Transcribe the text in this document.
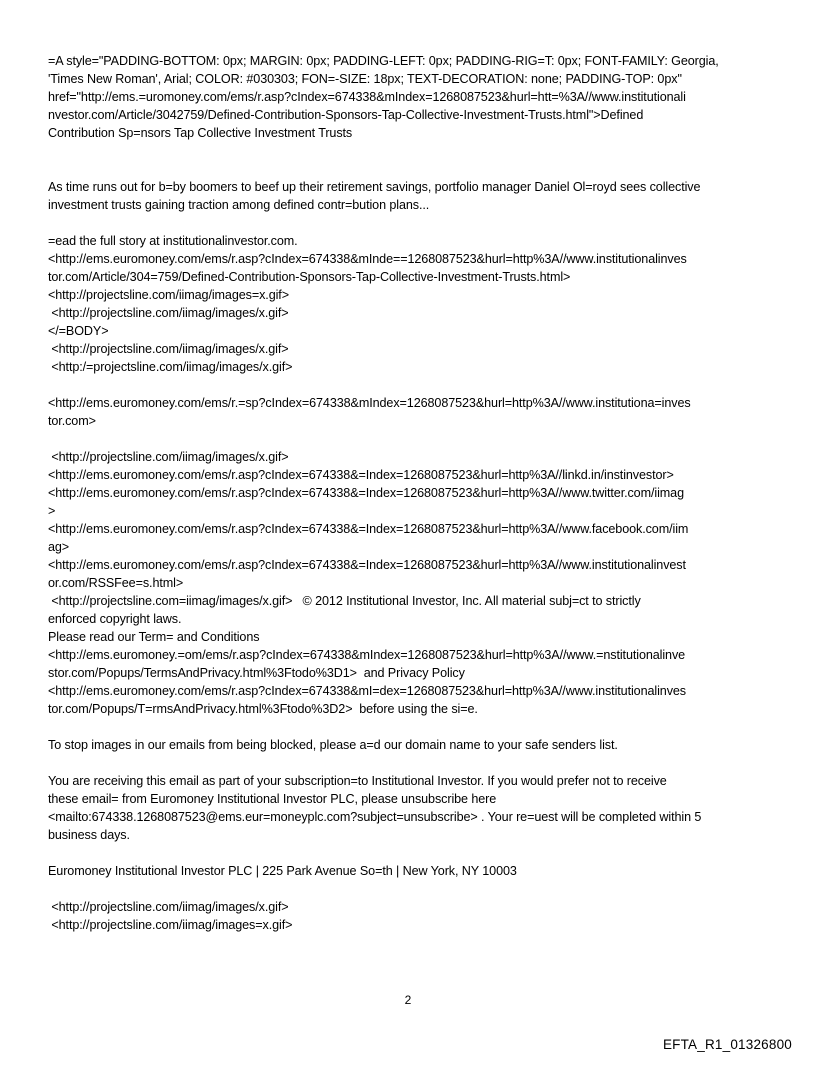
=A style="PADDING-BOTTOM: 0px; MARGIN: 0px; PADDING-LEFT: 0px; PADDING-RIG=T: 0px; FONT-FAMILY: Georgia,
'Times New Roman', Arial; COLOR: #030303; FON=-SIZE: 18px; TEXT-DECORATION: none; PADDING-TOP: 0px"
href="http://ems.=uromoney.com/ems/r.asp?cIndex=674338&mIndex=1268087523&hurl=htt=%3A//www.institutionali
nvestor.com/Article/3042759/Defined-Contribution-Sponsors-Tap-Collective-Investment-Trusts.html">Defined
Contribution Sp=nsors Tap Collective Investment Trusts
As time runs out for b=by boomers to beef up their retirement savings, portfolio manager Daniel Ol=royd sees collective
investment trusts gaining traction among defined contr=bution plans...
=ead the full story at institutionalinvestor.com.
<http://ems.euromoney.com/ems/r.asp?cIndex=674338&mInde==1268087523&hurl=http%3A//www.institutionalinves
tor.com/Article/304=759/Defined-Contribution-Sponsors-Tap-Collective-Investment-Trusts.html>
<http://projectsline.com/iimag/images=x.gif>
<http://projectsline.com/iimag/images/x.gif>
</=BODY>
<http://projectsline.com/iimag/images/x.gif>
<http:/=projectsline.com/iimag/images/x.gif>
<http://ems.euromoney.com/ems/r.=sp?cIndex=674338&mIndex=1268087523&hurl=http%3A//www.institutiona=inves
tor.com>
<http://projectsline.com/iimag/images/x.gif>
<http://ems.euromoney.com/ems/r.asp?cIndex=674338&=Index=1268087523&hurl=http%3A//linkd.in/instinvestor>
<http://ems.euromoney.com/ems/r.asp?cIndex=674338&=Index=1268087523&hurl=http%3A//www.twitter.com/iimag
>
<http://ems.euromoney.com/ems/r.asp?cIndex=674338&=Index=1268087523&hurl=http%3A//www.facebook.com/iim
ag>
<http://ems.euromoney.com/ems/r.asp?cIndex=674338&=Index=1268087523&hurl=http%3A//www.institutionalinvest
or.com/RSSFee=s.html>
<http://projectsline.com=iimag/images/x.gif>   © 2012 Institutional Investor, Inc. All material subj=ct to strictly
enforced copyright laws.
Please read our Term= and Conditions
<http://ems.euromoney.=om/ems/r.asp?cIndex=674338&mIndex=1268087523&hurl=http%3A//www.=nstitutionalinve
stor.com/Popups/TermsAndPrivacy.html%3Ftodo%3D1>  and Privacy Policy
<http://ems.euromoney.com/ems/r.asp?cIndex=674338&mI=dex=1268087523&hurl=http%3A//www.institutionalinves
tor.com/Popups/T=rmsAndPrivacy.html%3Ftodo%3D2>  before using the si=e.
To stop images in our emails from being blocked, please a=d our domain name to your safe senders list.
You are receiving this email as part of your subscription=to Institutional Investor. If you would prefer not to receive
these email= from Euromoney Institutional Investor PLC, please unsubscribe here
<mailto:674338.1268087523@ems.eur=moneyplc.com?subject=unsubscribe> . Your re=uest will be completed within 5
business days.
Euromoney Institutional Investor PLC | 225 Park Avenue So=th | New York, NY 10003
<http://projectsline.com/iimag/images/x.gif>
<http://projectsline.com/iimag/images=x.gif>
2
EFTA_R1_01326800
